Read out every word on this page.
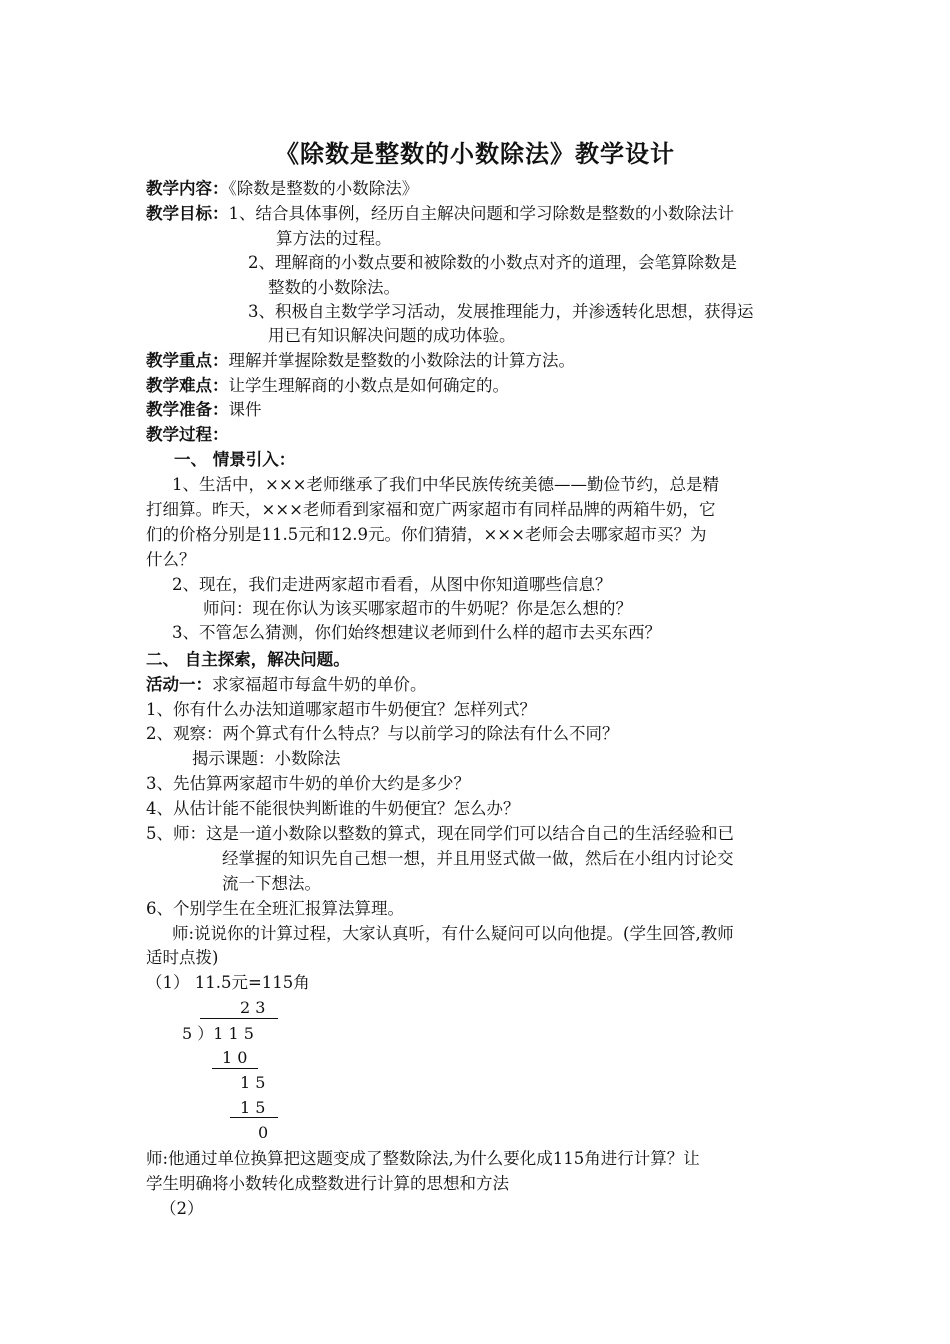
《除数是整数的小数除法》教学设计
教学内容：《除数是整数的小数除法》
教学目标：1、结合具体事例，经历自主解决问题和学习除数是整数的小数除法计
算方法的过程。
2、理解商的小数点要和被除数的小数点对齐的道理，会笔算除数是
整数的小数除法。
3、积极自主数学学习活动，发展推理能力，并渗透转化思想，获得运
用已有知识解决问题的成功体验。
教学重点：理解并掌握除数是整数的小数除法的计算方法。
教学难点：让学生理解商的小数点是如何确定的。
教学准备：课件
教学过程：
一、 情景引入：
1、生活中，×××老师继承了我们中华民族传统美德——勤俭节约，总是精
打细算。昨天，×××老师看到家福和宽广两家超市有同样品牌的两箱牛奶，它
们的价格分别是11.5元和12.9元。你们猜猜，×××老师会去哪家超市买？为
什么？
2、现在，我们走进两家超市看看，从图中你知道哪些信息？
师问：现在你认为该买哪家超市的牛奶呢？你是怎么想的？
3、不管怎么猜测，你们始终想建议老师到什么样的超市去买东西？
二、 自主探索，解决问题。
活动一：求家福超市每盒牛奶的单价。
1、你有什么办法知道哪家超市牛奶便宜？怎样列式？
2、观察：两个算式有什么特点？与以前学习的除法有什么不同？
揭示课题：小数除法
3、先估算两家超市牛奶的单价大约是多少？
4、从估计能不能很快判断谁的牛奶便宜？怎么办？
5、师：这是一道小数除以整数的算式，现在同学们可以结合自己的生活经验和已
经掌握的知识先自己想一想，并且用竖式做一做，然后在小组内讨论交
流一下想法。
6、个别学生在全班汇报算法算理。
师:说说你的计算过程，大家认真听，有什么疑问可以向他提。(学生回答,教师
适时点拨)
（1） 11.5元=115角
2 3
5 ）1 1 5
1 0
1 5
1 5
0
师:他通过单位换算把这题变成了整数除法,为什么要化成115角进行计算？让
学生明确将小数转化成整数进行计算的思想和方法
（2）
